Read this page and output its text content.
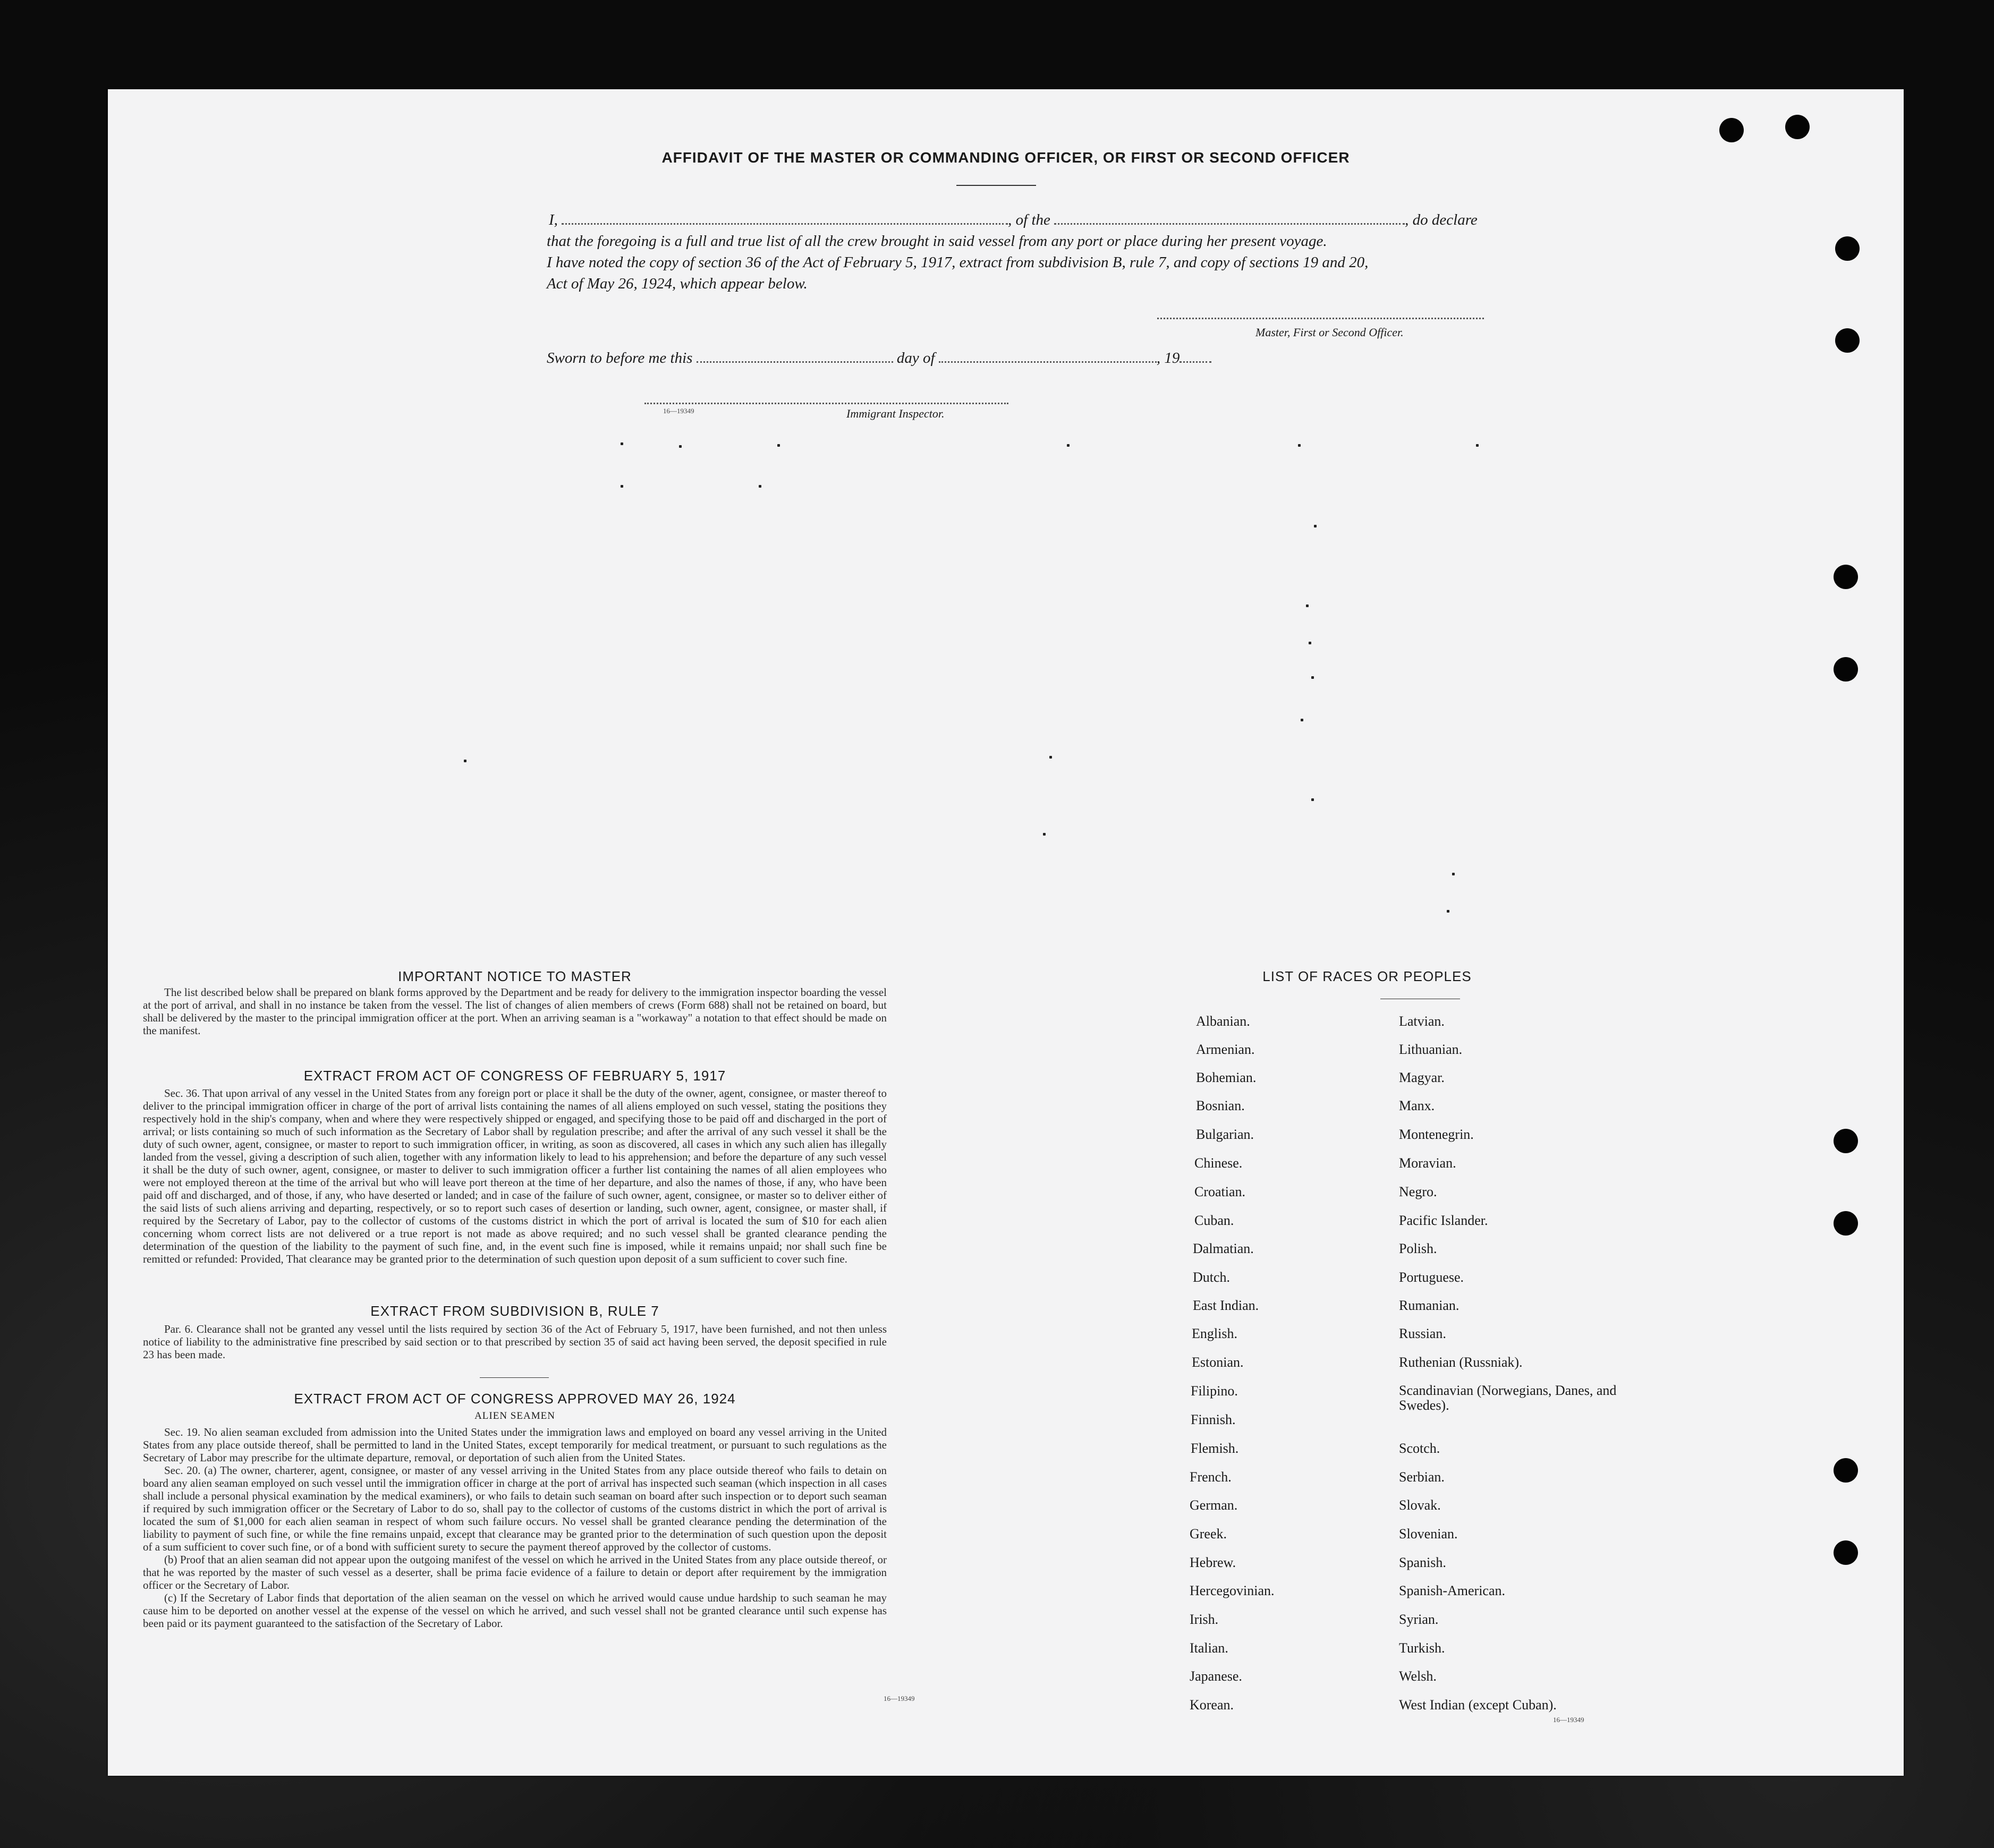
AFFIDAVIT OF THE MASTER OR COMMANDING OFFICER, OR FIRST OR SECOND OFFICER
I,	, of the	, do declare
that the foregoing is a full and true list of all the crew brought in said vessel from any port or place during her present voyage.
I have noted the copy of section 36 of the Act of February 5, 1917, extract from subdivision B, rule 7, and copy of sections 19 and 20,
Act of May 26, 1924, which appear below.
Master, First or Second Officer.
Sworn to before me this	day of	, 19
16—19349	Immigrant Inspector.
IMPORTANT NOTICE TO MASTER

The list described below shall be prepared on blank forms approved by the Department and be ready for delivery to the immigration inspector boarding the vessel at the port of arrival, and shall in no instance be taken from the vessel. The list of changes of alien members of crews (Form 688) shall not be retained on board, but shall be delivered by the master to the principal immigration officer at the port. When an arriving seaman is a "workaway" a notation to that effect should be made on the manifest.

EXTRACT FROM ACT OF CONGRESS OF FEBRUARY 5, 1917

Sec. 36. That upon arrival of any vessel in the United States from any foreign port or place it shall be the duty of the owner, agent, consignee, or master thereof to deliver to the principal immigration officer in charge of the port of arrival lists containing the names of all aliens employed on such vessel, stating the positions they respectively hold in the ship's company, when and where they were respectively shipped or engaged, and specifying those to be paid off and discharged in the port of arrival; or lists containing so much of such information as the Secretary of Labor shall by regulation prescribe; and after the arrival of any such vessel it shall be the duty of such owner, agent, consignee, or master to report to such immigration officer, in writing, as soon as discovered, all cases in which any such alien has illegally landed from the vessel, giving a description of such alien, together with any information likely to lead to his apprehension; and before the departure of any such vessel it shall be the duty of such owner, agent, consignee, or master to deliver to such immigration officer a further list containing the names of all alien employees who were not employed thereon at the time of the arrival but who will leave port thereon at the time of her departure, and also the names of those, if any, who have been paid off and discharged, and of those, if any, who have deserted or landed; and in case of the failure of such owner, agent, consignee, or master so to deliver either of the said lists of such aliens arriving and departing, respectively, or so to report such cases of desertion or landing, such owner, agent, consignee, or master shall, if required by the Secretary of Labor, pay to the collector of customs of the customs district in which the port of arrival is located the sum of $10 for each alien concerning whom correct lists are not delivered or a true report is not made as above required; and no such vessel shall be granted clearance pending the determination of the question of the liability to the payment of such fine, and, in the event such fine is imposed, while it remains unpaid; nor shall such fine be remitted or refunded: Provided, That clearance may be granted prior to the determination of such question upon deposit of a sum sufficient to cover such fine.

EXTRACT FROM SUBDIVISION B, RULE 7

Par. 6. Clearance shall not be granted any vessel until the lists required by section 36 of the Act of February 5, 1917, have been furnished, and not then unless notice of liability to the administrative fine prescribed by said section or to that prescribed by section 35 of said act having been served, the deposit specified in rule 23 has been made.

EXTRACT FROM ACT OF CONGRESS APPROVED MAY 26, 1924
ALIEN SEAMEN

Sec. 19. No alien seaman excluded from admission into the United States under the immigration laws and employed on board any vessel arriving in the United States from any place outside thereof, shall be permitted to land in the United States, except temporarily for medical treatment, or pursuant to such regulations as the Secretary of Labor may prescribe for the ultimate departure, removal, or deportation of such alien from the United States.

Sec. 20. (a) The owner, charterer, agent, consignee, or master of any vessel arriving in the United States from any place outside thereof who fails to detain on board any alien seaman employed on such vessel until the immigration officer in charge at the port of arrival has inspected such seaman (which inspection in all cases shall include a personal physical examination by the medical examiners), or who fails to detain such seaman on board after such inspection or to deport such seaman if required by such immigration officer or the Secretary of Labor to do so, shall pay to the collector of customs of the customs district in which the port of arrival is located the sum of $1,000 for each alien seaman in respect of whom such failure occurs. No vessel shall be granted clearance pending the determination of the liability to payment of such fine, or while the fine remains unpaid, except that clearance may be granted prior to the determination of such question upon the deposit of a sum sufficient to cover such fine, or of a bond with sufficient surety to secure the payment thereof approved by the collector of customs.

(b) Proof that an alien seaman did not appear upon the outgoing manifest of the vessel on which he arrived in the United States from any place outside thereof, or that he was reported by the master of such vessel as a deserter, shall be prima facie evidence of a failure to detain or deport after requirement by the immigration officer or the Secretary of Labor.

(c) If the Secretary of Labor finds that deportation of the alien seaman on the vessel on which he arrived would cause undue hardship to such seaman he may cause him to be deported on another vessel at the expense of the vessel on which he arrived, and such vessel shall not be granted clearance until such expense has been paid or its payment guaranteed to the satisfaction of the Secretary of Labor.

16—19349
LIST OF RACES OR PEOPLES
Albanian.
Armenian.
Bohemian.
Bosnian.
Bulgarian.
Chinese.
Croatian.
Cuban.
Dalmatian.
Dutch.
East Indian.
English.
Estonian.
Filipino.
Finnish.
Flemish.
French.
German.
Greek.
Hebrew.
Hercegovinian.
Irish.
Italian.
Japanese.
Korean.
Latvian.
Lithuanian.
Magyar.
Manx.
Montenegrin.
Moravian.
Negro.
Pacific Islander.
Polish.
Portuguese.
Rumanian.
Russian.
Ruthenian (Russniak).
Scandinavian (Norwegians, Danes, and Swedes).
Scotch.
Serbian.
Slovak.
Slovenian.
Spanish.
Spanish-American.
Syrian.
Turkish.
Welsh.
West Indian (except Cuban).
16—19349
